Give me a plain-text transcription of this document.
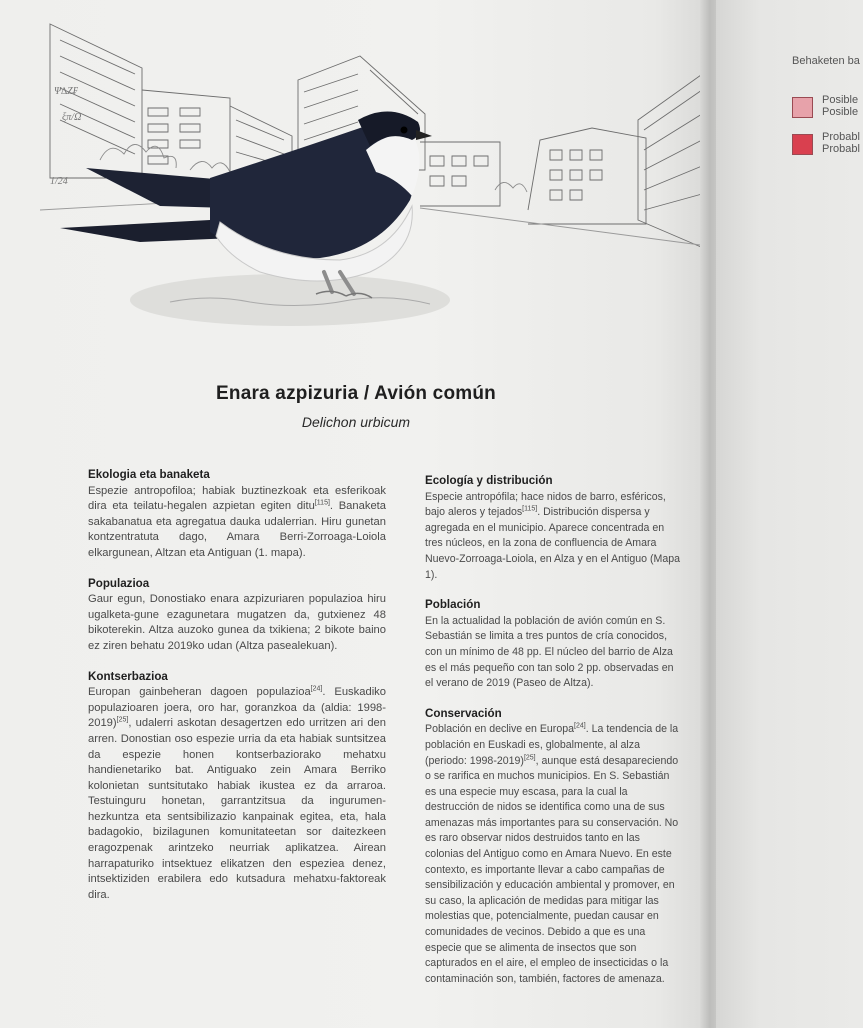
Ψ∆Ζ₣
ξπ/Ω
1/24
Enara azpizuria / Avión común
Delichon urbicum
Ekologia eta banaketa
Espezie antropofiloa; habiak buztinezkoak eta esferikoak dira eta teilatu-hegalen azpietan egiten ditu[115]. Banaketa sakabanatua eta agregatua dauka udalerrian. Hiru gunetan kontzentratuta dago, Amara Berri-Zorroaga-Loiola elkargunean, Altzan eta Antiguan (1. mapa).
Populazioa
Gaur egun, Donostiako enara azpizuriaren populazioa hiru ugalketa-gune ezagunetara mugatzen da, gutxienez 48 bikoterekin. Altza auzoko gunea da txikiena; 2 bikote baino ez ziren behatu 2019ko udan (Altza pasealekuan).
Kontserbazioa
Europan gainbeheran dagoen populazioa[24]. Euskadiko populazioaren joera, oro har, goranzkoa da (aldia: 1998-2019)[25], udalerri askotan desagertzen edo urritzen ari den arren. Donostian oso espezie urria da eta habiak suntsitzea da espezie honen kontserbaziorako mehatxu handienetariko bat. Antiguako zein Amara Berriko kolonietan suntsitutako habiak ikustea ez da arraroa. Testuinguru honetan, garrantzitsua da ingurumen-hezkuntza eta sentsibilizazio kanpainak egitea, eta, hala badagokio, bizilagunen komunitateetan sor daitezkeen eragozpenak arintzeko neurriak aplikatzea. Airean harrapaturiko intsektuez elikatzen den espeziea denez, intsektiziden erabilera edo kutsadura mehatxu-faktoreak dira.
Ecología y distribución
Especie antropófila; hace nidos de barro, esféricos, bajo aleros y tejados[115]. Distribución dispersa y agregada en el municipio. Aparece concentrada en tres núcleos, en la zona de confluencia de Amara Nuevo-Zorroaga-Loiola, en Alza y en el Antiguo (Mapa 1).
Población
En la actualidad la población de avión común en S. Sebastián se limita a tres puntos de cría conocidos, con un mínimo de 48 pp. El núcleo del barrio de Alza es el más pequeño con tan solo 2 pp. observadas en el verano de 2019 (Paseo de Altza).
Conservación
Población en declive en Europa[24]. La tendencia de la población en Euskadi es, globalmente, al alza (periodo: 1998-2019)[25], aunque está desapareciendo o se rarifica en muchos municipios. En S. Sebastián es una especie muy escasa, para la cual la destrucción de nidos se identifica como una de sus amenazas más importantes para su conservación. No es raro observar nidos destruidos tanto en las colonias del Antiguo como en Amara Nuevo. En este contexto, es importante llevar a cabo campañas de sensibilización y educación ambiental y promover, en su caso, la aplicación de medidas para mitigar las molestias que, potencialmente, puedan causar en comunidades de vecinos. Debido a que es una especie que se alimenta de insectos que son capturados en el aire, el empleo de insecticidas o la contaminación son, también, factores de amenaza.
Behaketen ba
Posible
Posible
Probabl
Probabl
